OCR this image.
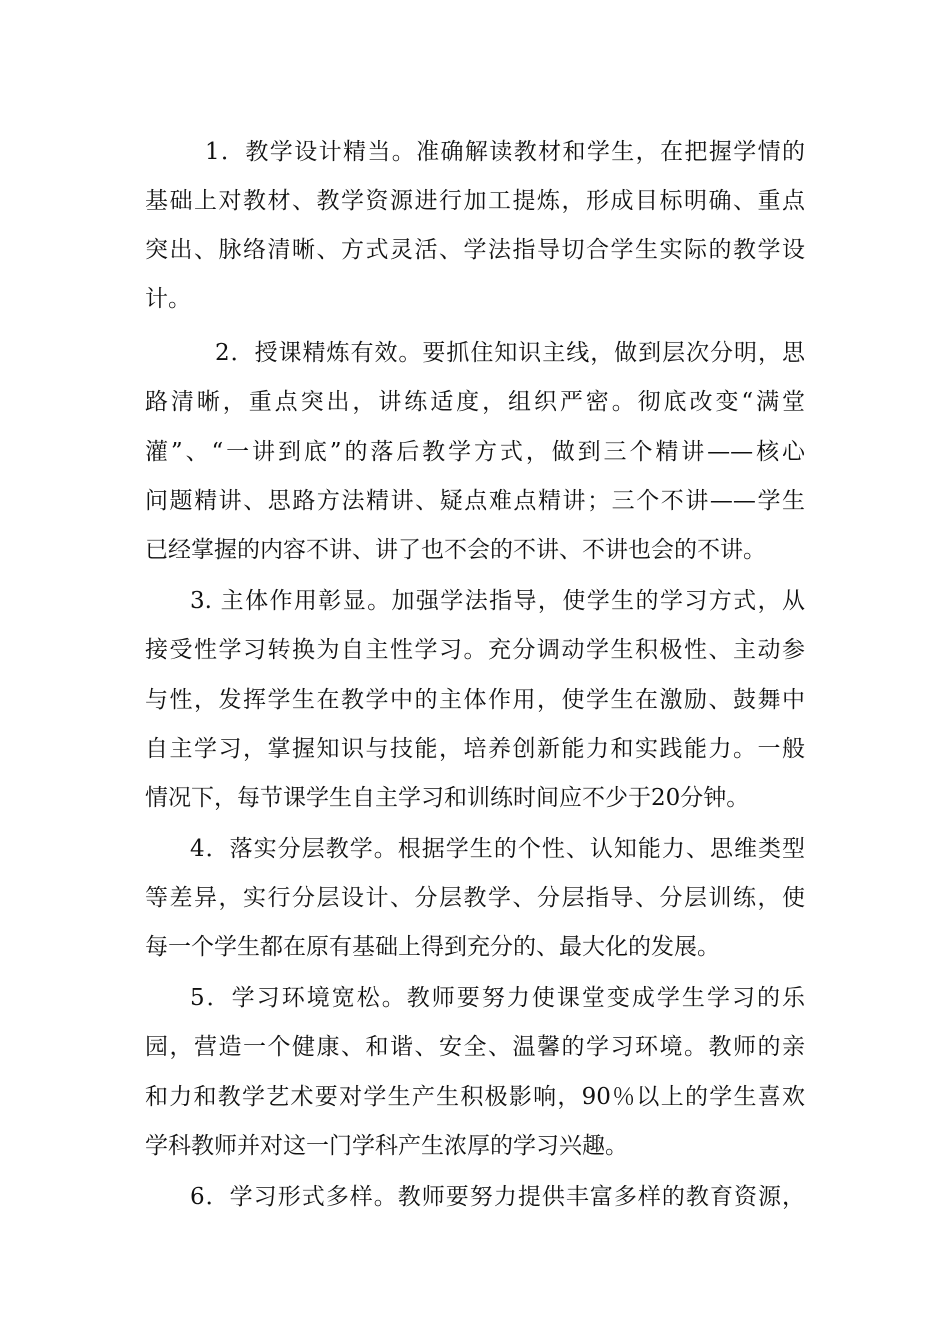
1．教学设计精当。准确解读教材和学生，在把握学情的
基础上对教材、教学资源进行加工提炼，形成目标明确、重点
突出、脉络清晰、方式灵活、学法指导切合学生实际的教学设
计。
2．授课精炼有效。要抓住知识主线，做到层次分明，思
路清晰，重点突出，讲练适度，组织严密。彻底改变“满堂
灌”、“一讲到底”的落后教学方式，做到三个精讲——核心
问题精讲、思路方法精讲、疑点难点精讲；三个不讲——学生
已经掌握的内容不讲、讲了也不会的不讲、不讲也会的不讲。
3. 主体作用彰显。加强学法指导，使学生的学习方式，从
接受性学习转换为自主性学习。充分调动学生积极性、主动参
与性，发挥学生在教学中的主体作用，使学生在激励、鼓舞中
自主学习，掌握知识与技能，培养创新能力和实践能力。一般
情况下，每节课学生自主学习和训练时间应不少于20分钟。
4．落实分层教学。根据学生的个性、认知能力、思维类型
等差异，实行分层设计、分层教学、分层指导、分层训练，使
每一个学生都在原有基础上得到充分的、最大化的发展。
5．学习环境宽松。教师要努力使课堂变成学生学习的乐
园，营造一个健康、和谐、安全、温馨的学习环境。教师的亲
和力和教学艺术要对学生产生积极影响，90％以上的学生喜欢
学科教师并对这一门学科产生浓厚的学习兴趣。
6．学习形式多样。教师要努力提供丰富多样的教育资源，
